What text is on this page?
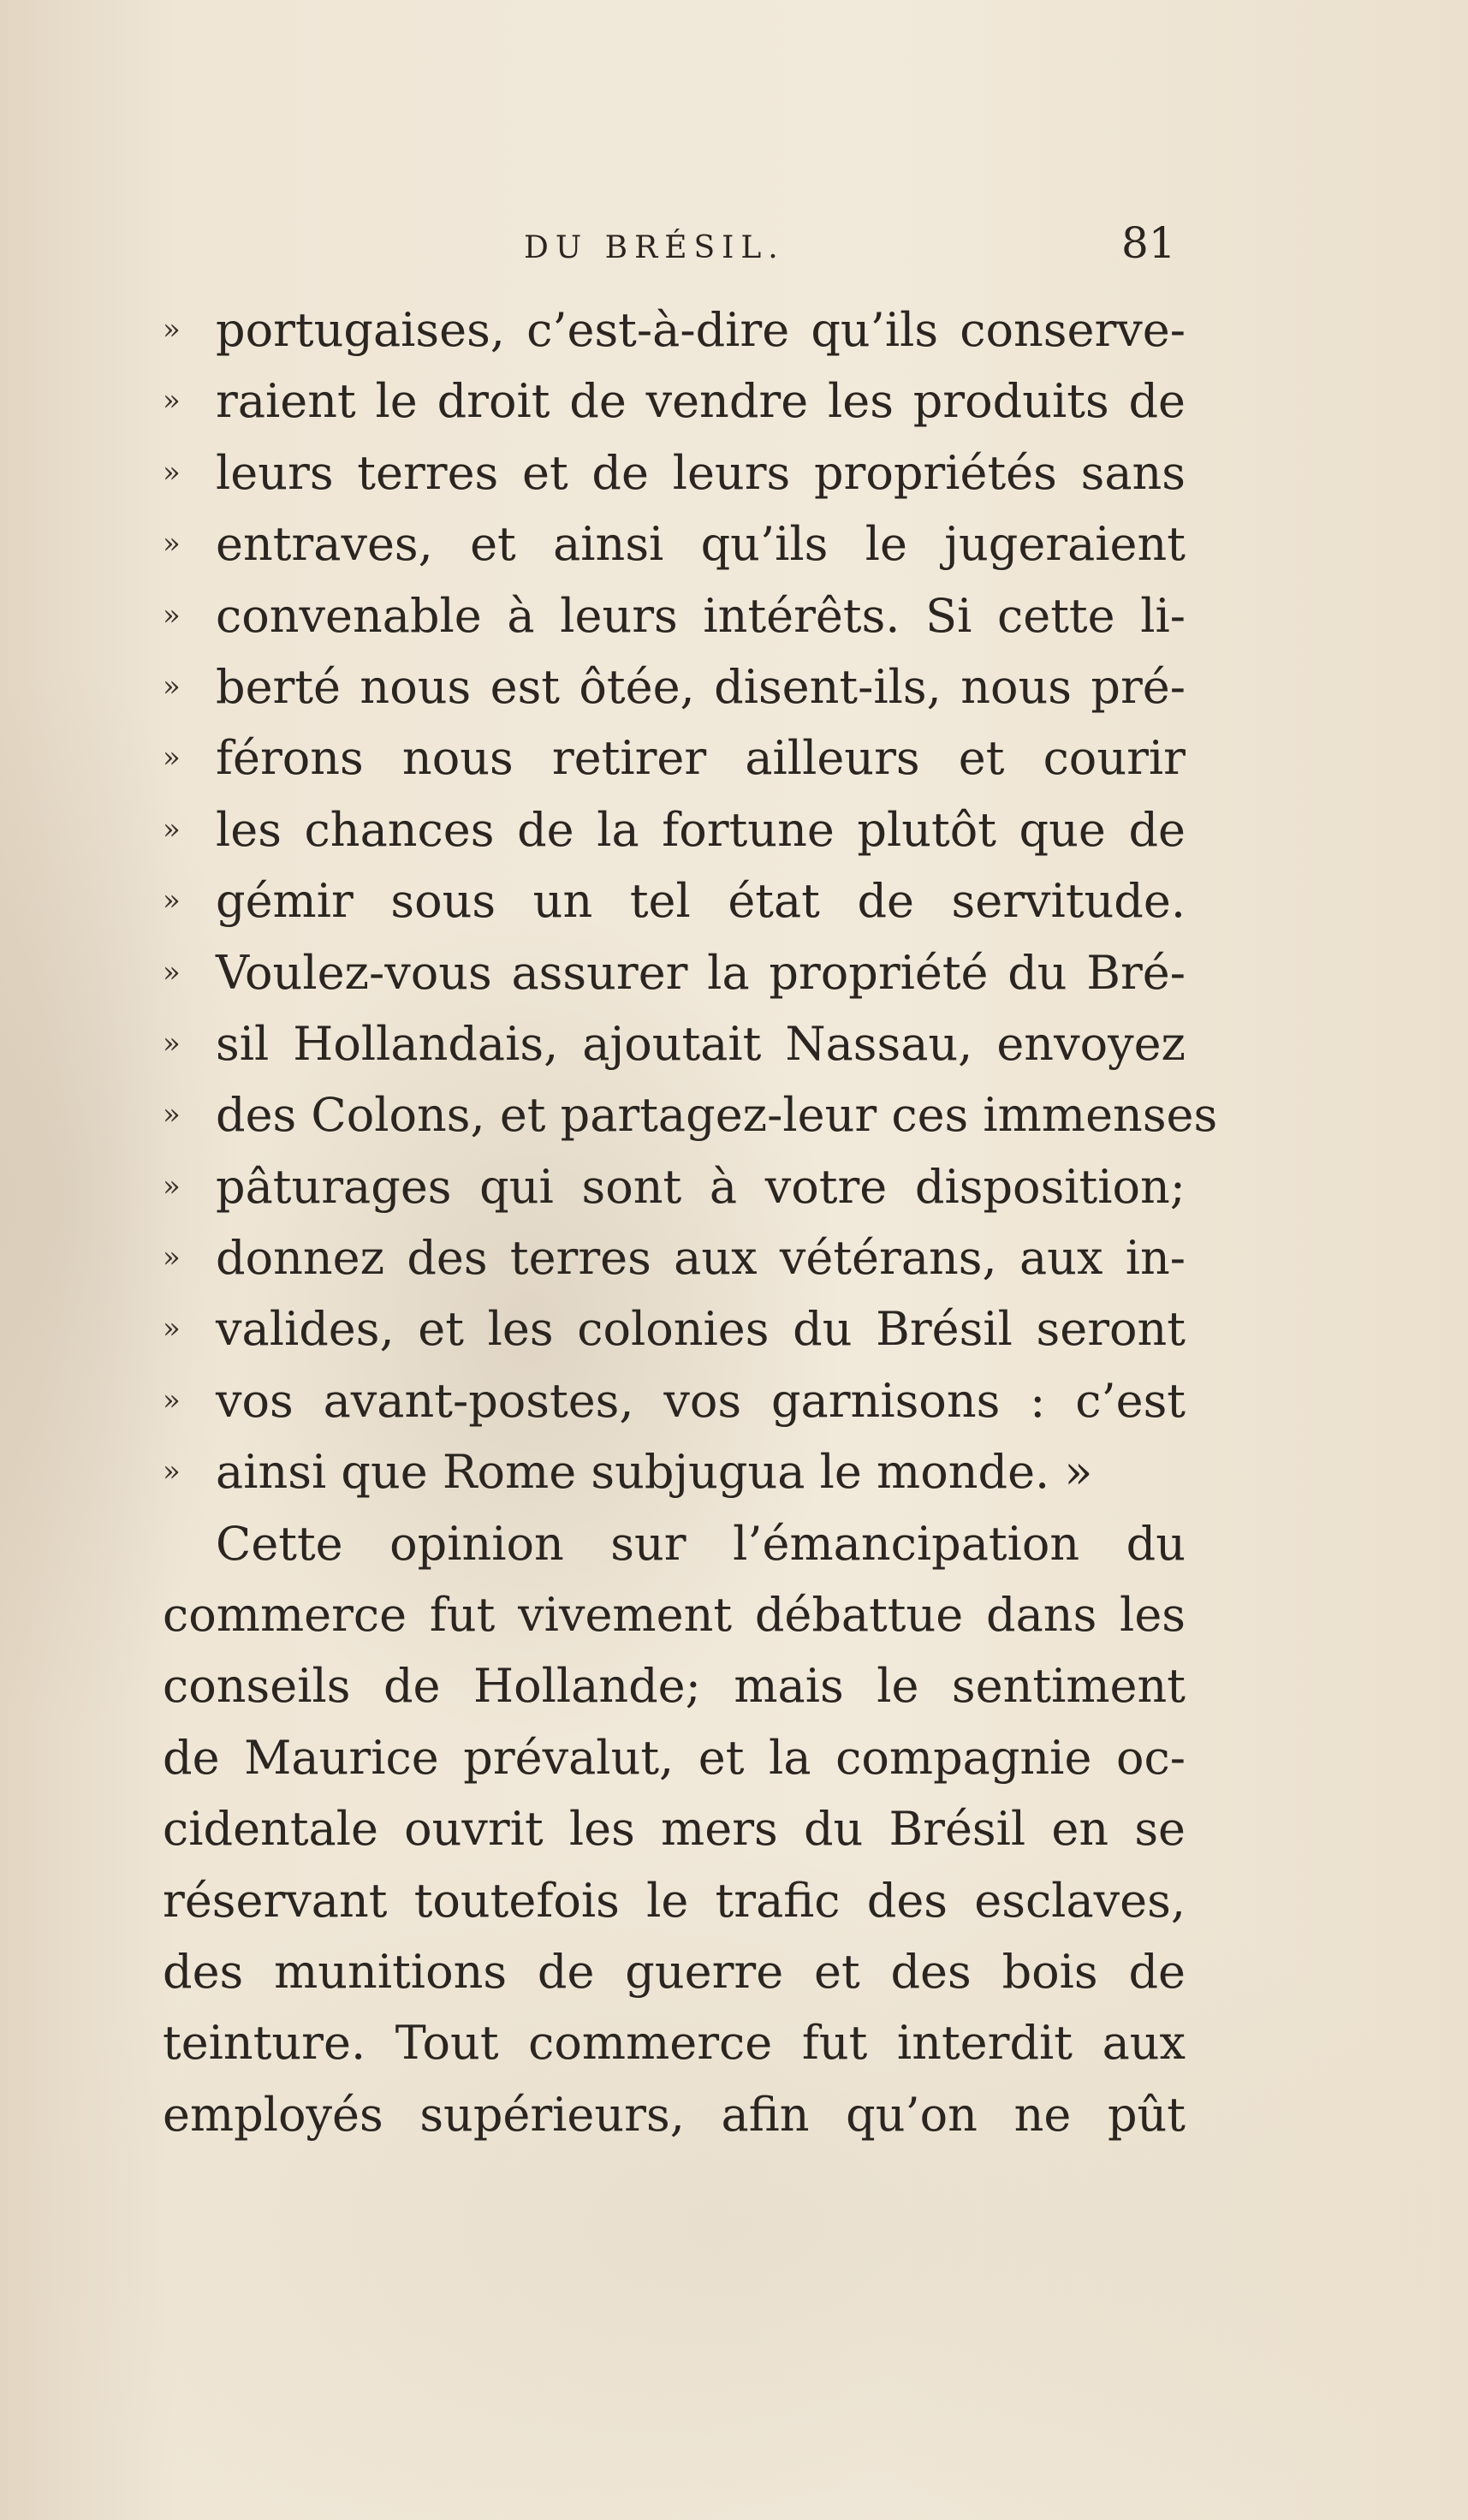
DU BRÉSIL.	81
» portugaises, c’est-à-dire qu’ils conserve-
» raient le droit de vendre les produits de
» leurs terres et de leurs propriétés sans
» entraves, et ainsi qu’ils le jugeraient
» convenable à leurs intérêts. Si cette li-
» berté nous est ôtée, disent-ils, nous pré-
» férons nous retirer ailleurs et courir
» les chances de la fortune plutôt que de
» gémir sous un tel état de servitude.
» Voulez-vous assurer la propriété du Bré-
» sil Hollandais, ajoutait Nassau, envoyez
» des Colons, et partagez-leur ces immenses
» pâturages qui sont à votre disposition;
» donnez des terres aux vétérans, aux in-
» valides, et les colonies du Brésil seront
» vos avant-postes, vos garnisons : c’est
» ainsi que Rome subjugua le monde. »
Cette opinion sur l’émancipation du
commerce fut vivement débattue dans les
conseils de Hollande; mais le sentiment
de Maurice prévalut, et la compagnie oc-
cidentale ouvrit les mers du Brésil en se
réservant toutefois le trafic des esclaves,
des munitions de guerre et des bois de
teinture. Tout commerce fut interdit aux
employés supérieurs, afin qu’on ne pût
